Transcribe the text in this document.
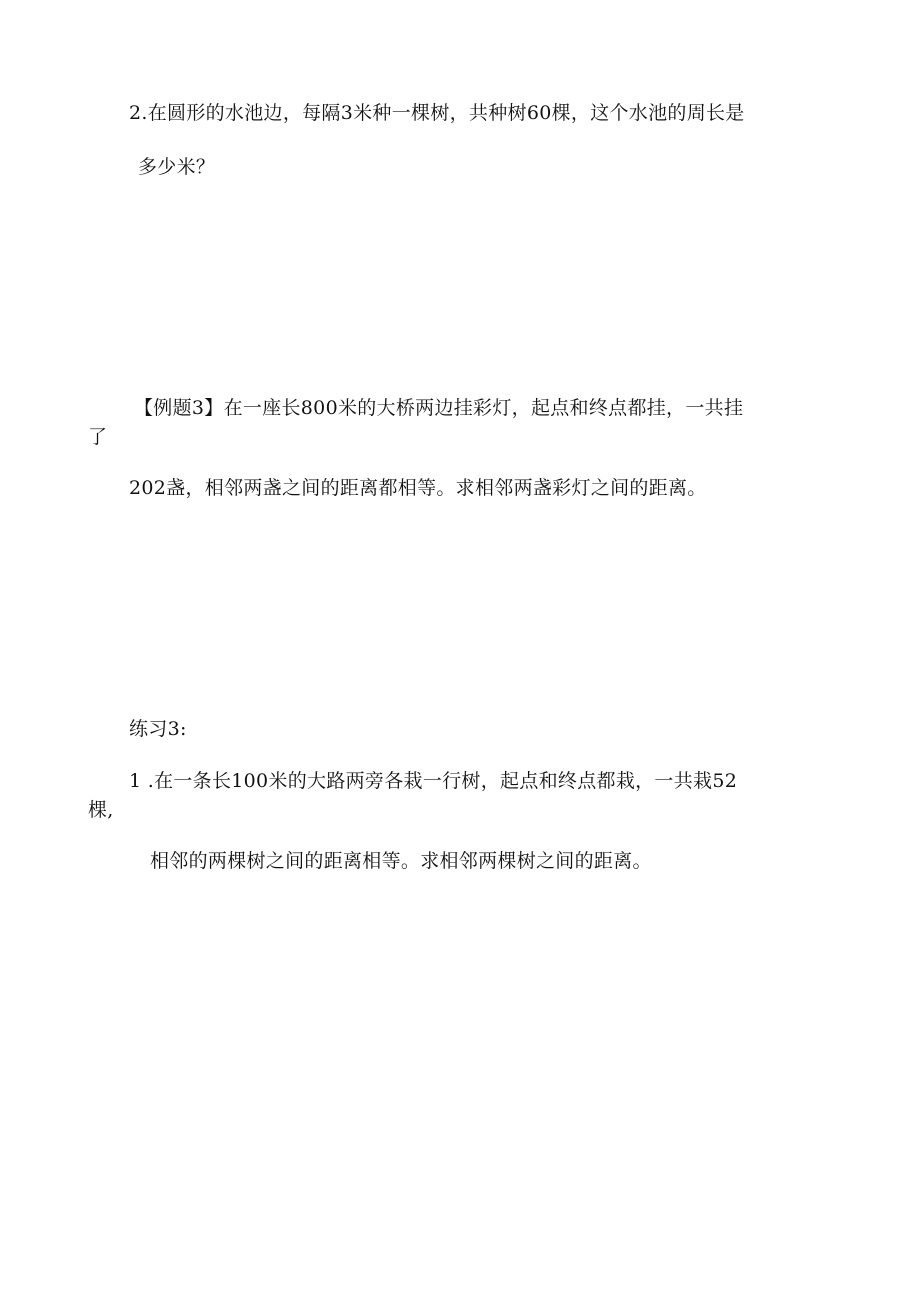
2.在圆形的水池边，每隔3米种一棵树，共种树60棵，这个水池的周长是
多少米？
【例题3】在一座长800米的大桥两边挂彩灯，起点和终点都挂，一共挂
了
202盏，相邻两盏之间的距离都相等。求相邻两盏彩灯之间的距离。
练习3:
1 .在一条长100米的大路两旁各栽一行树，起点和终点都栽，一共栽52
棵,
相邻的两棵树之间的距离相等。求相邻两棵树之间的距离。
